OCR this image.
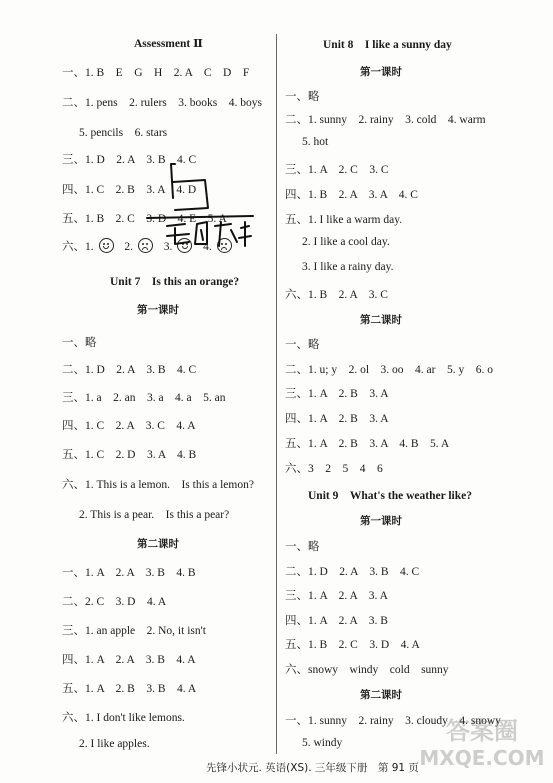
Assessment Ⅱ
一、1. B　E　G　H　2. A　C　D　F
二、1. pens　2. rulers　3. books　4. boys
5. pencils　6. stars
三、1. D　2. A　3. B　4. C
四、1. C　2. B　3. A　4. D
五、1. B　2. C　3. D　4. E　5. A
六、1.	2.	3.	4.
Unit 7　Is this an orange?
第一课时
一、略
二、1. D　2. A　3. B　4. C
三、1. a　2. an　3. a　4. a　5. an
四、1. C　2. A　3. C　4. A
五、1. C　2. D　3. A　4. B
六、1. This is a lemon.　Is this a lemon?
2. This is a pear.　Is this a pear?
第二课时
一、1. A　2. A　3. B　4. B
二、2. C　3. D　4. A
三、1. an apple　2. No, it isn't
四、1. A　2. A　3. B　4. A
五、1. A　2. B　3. B　4. A
六、1. I don't like lemons.
2. I like apples.
Unit 8　I like a sunny day
第一课时
一、略
二、1. sunny　2. rainy　3. cold　4. warm
5. hot
三、1. A　2. C　3. C
四、1. B　2. A　3. A　4. C
五、1. I like a warm day.
2. I like a cool day.
3. I like a rainy day.
六、1. B　2. A　3. C
第二课时
一、略
二、1. u; y　2. ol　3. oo　4. ar　5. y　6. o
三、1. A　2. B　3. A
四、1. A　2. B　3. A
五、1. A　2. B　3. A　4. B　5. A
六、3　2　5　4　6
Unit 9　What's the weather like?
第一课时
一、略
二、1. D　2. A　3. B　4. C
三、1. A　2. A　3. A
四、1. A　2. A　3. B
五、1. B　2. C　3. D　4. A
六、snowy　windy　cold　sunny
第二课时
一、1. sunny　2. rainy　3. cloudy　4. snowy
5. windy	答案圈
MXQE.COM
先锋小状元. 英语(XS). 三年级下册　第 91 页
